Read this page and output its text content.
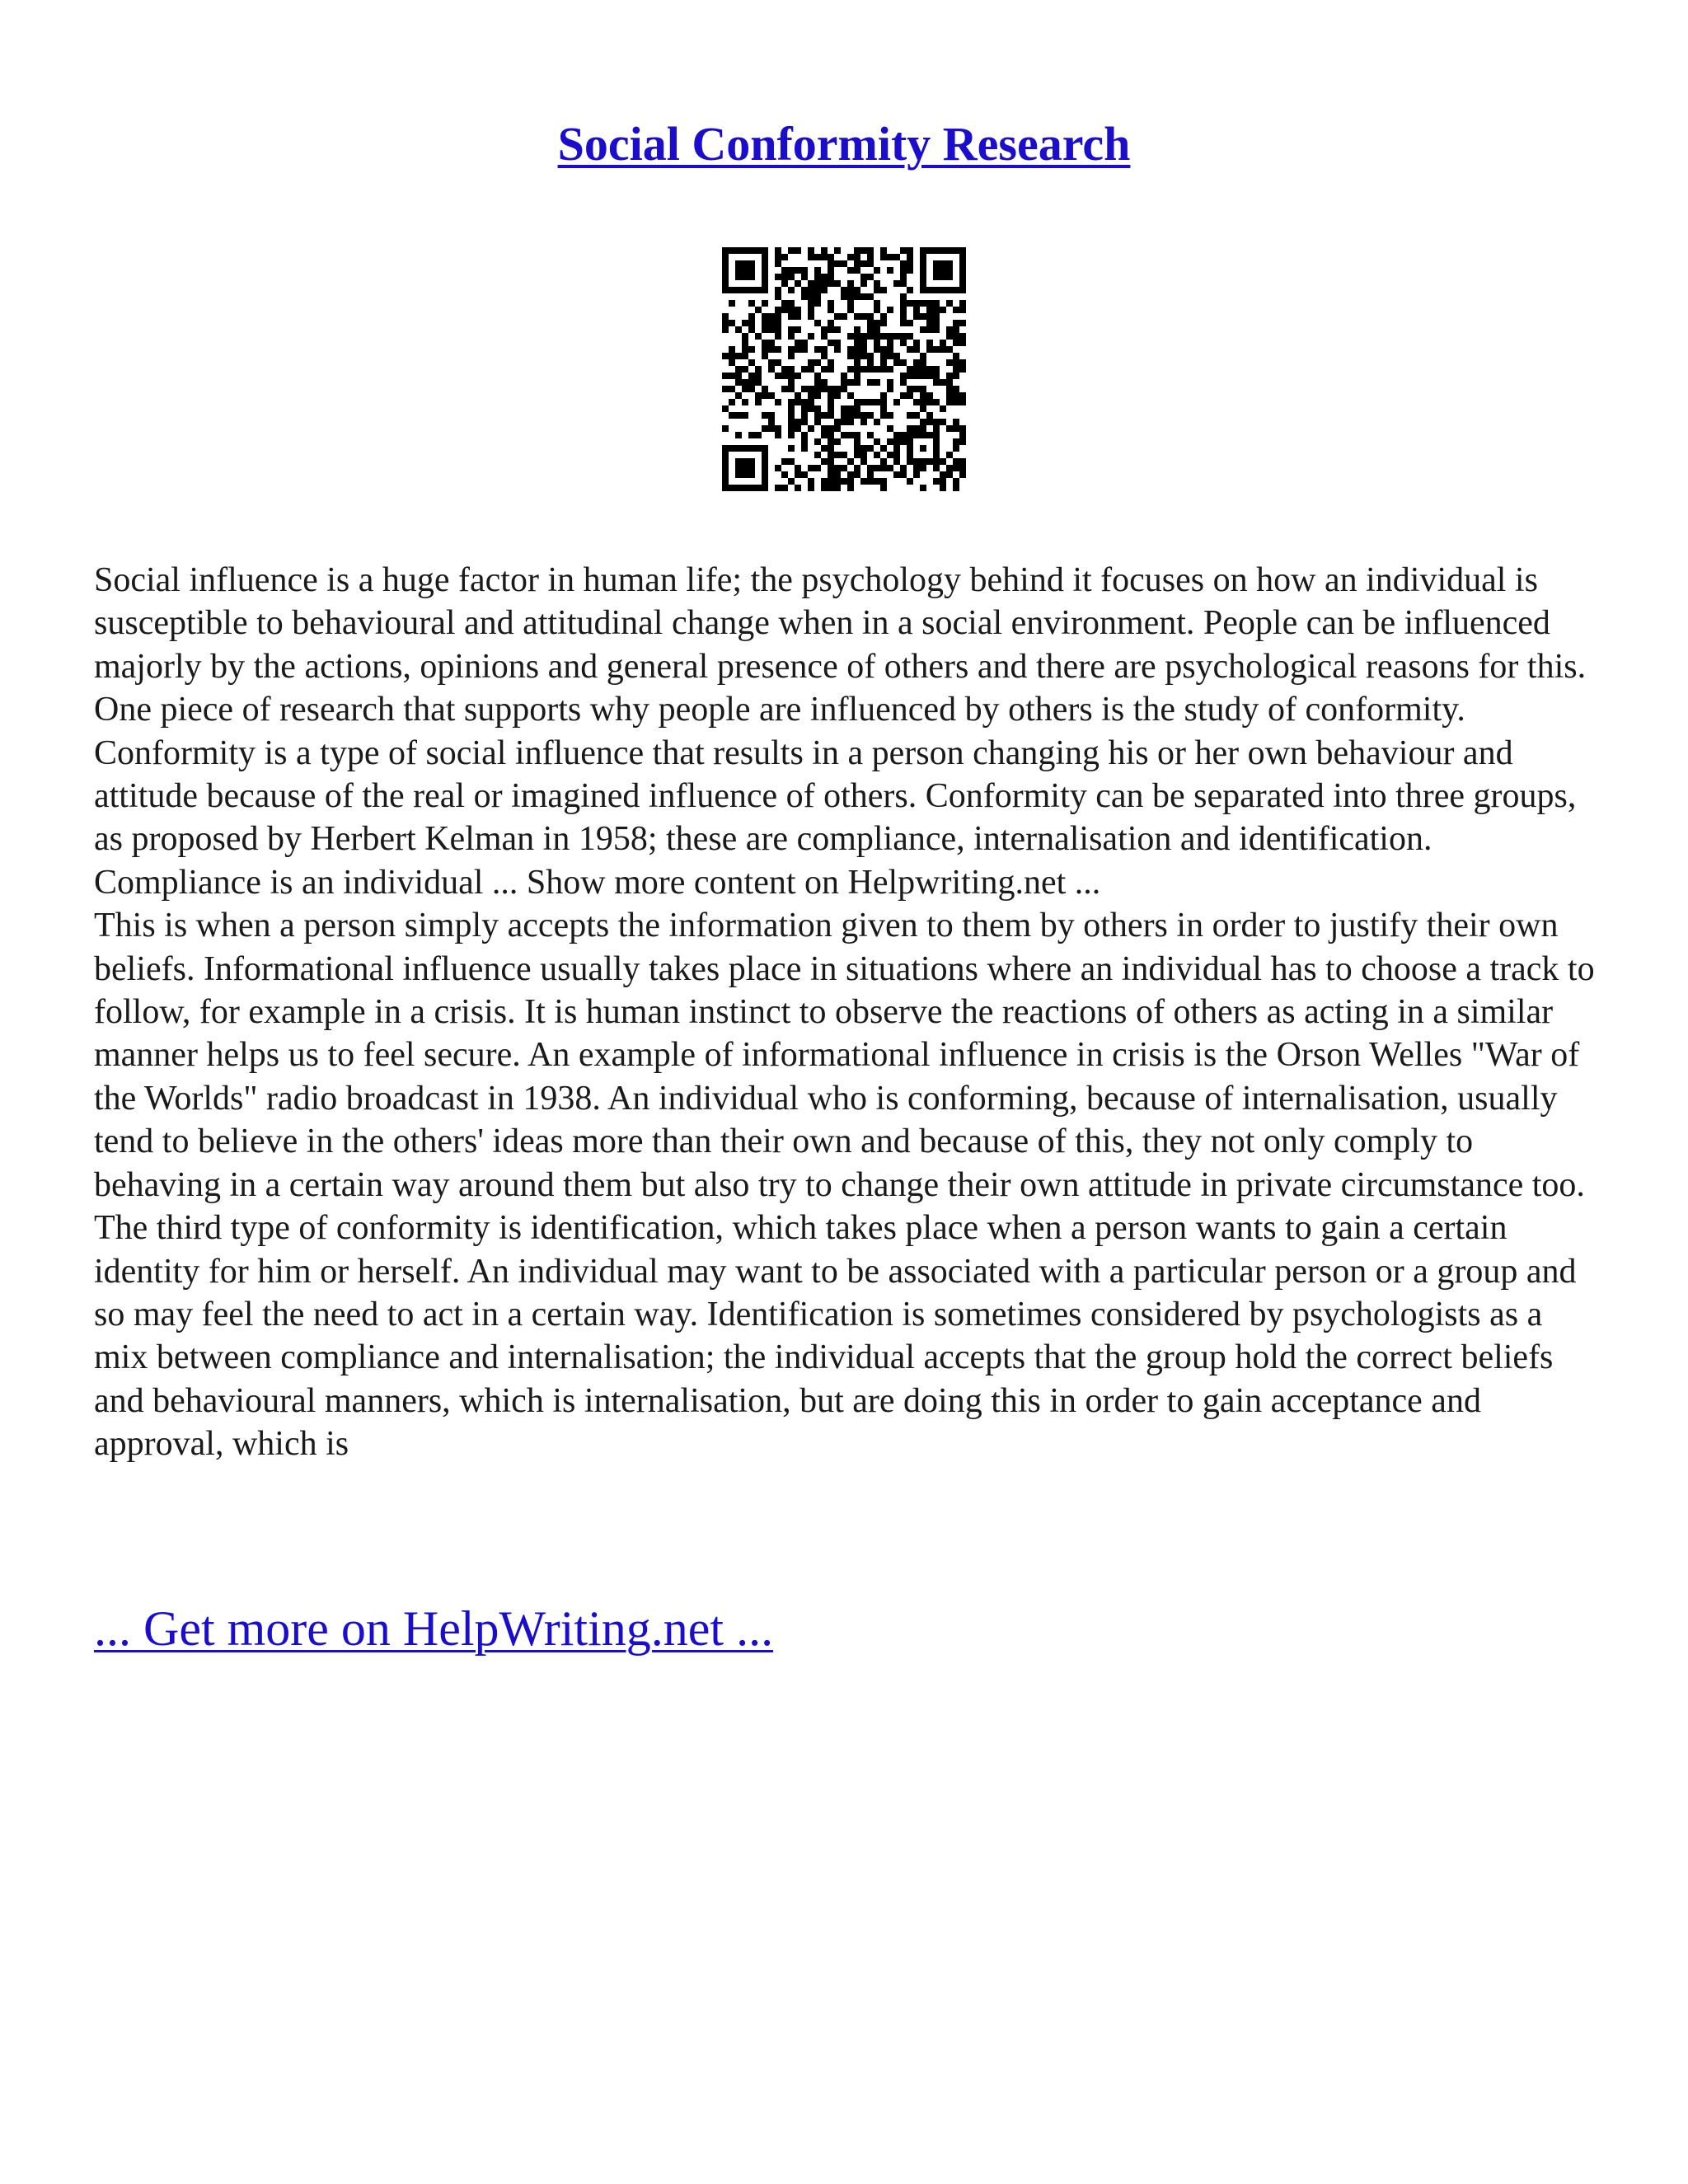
Social Conformity Research

Social influence is a huge factor in human life; the psychology behind it focuses on how an individual is susceptible to behavioural and attitudinal change when in a social environment. People can be influenced majorly by the actions, opinions and general presence of others and there are psychological reasons for this. One piece of research that supports why people are influenced by others is the study of conformity. Conformity is a type of social influence that results in a person changing his or her own behaviour and attitude because of the real or imagined influence of others. Conformity can be separated into three groups, as proposed by Herbert Kelman in 1958; these are compliance, internalisation and identification. Compliance is an individual ... Show more content on Helpwriting.net ...

This is when a person simply accepts the information given to them by others in order to justify their own beliefs. Informational influence usually takes place in situations where an individual has to choose a track to follow, for example in a crisis. It is human instinct to observe the reactions of others as acting in a similar manner helps us to feel secure. An example of informational influence in crisis is the Orson Welles "War of the Worlds" radio broadcast in 1938. An individual who is conforming, because of internalisation, usually tend to believe in the others' ideas more than their own and because of this, they not only comply to behaving in a certain way around them but also try to change their own attitude in private circumstance too. The third type of conformity is identification, which takes place when a person wants to gain a certain identity for him or herself. An individual may want to be associated with a particular person or a group and so may feel the need to act in a certain way. Identification is sometimes considered by psychologists as a mix between compliance and internalisation; the individual accepts that the group hold the correct beliefs and behavioural manners, which is internalisation, but are doing this in order to gain acceptance and approval, which is

... Get more on HelpWriting.net ...
